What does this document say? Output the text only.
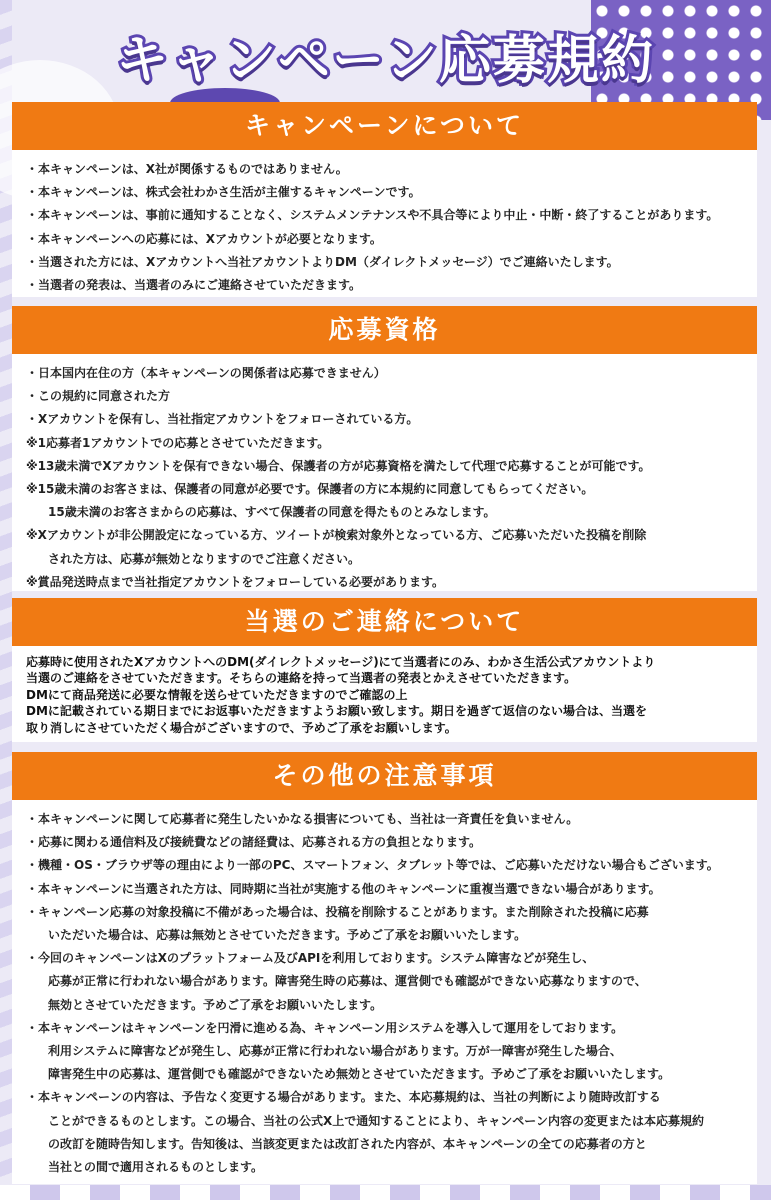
キャンペーン応募規約
キャンペーンについて
・本キャンペーンは、X社が関係するものではありません。
・本キャンペーンは、株式会社わかさ生活が主催するキャンペーンです。
・本キャンペーンは、事前に通知することなく、システムメンテナンスや不具合等により中止・中断・終了することがあります。
・本キャンペーンへの応募には、Xアカウントが必要となります。
・当選された方には、Xアカウントへ当社アカウントよりDM（ダイレクトメッセージ）でご連絡いたします。
・当選者の発表は、当選者のみにご連絡させていただきます。
応募資格
・日本国内在住の方（本キャンペーンの関係者は応募できません）
・この規約に同意された方
・Xアカウントを保有し、当社指定アカウントをフォローされている方。
※1応募者1アカウントでの応募とさせていただきます。
※13歳未満でXアカウントを保有できない場合、保護者の方が応募資格を満たして代理で応募することが可能です。
※15歳未満のお客さまは、保護者の同意が必要です。保護者の方に本規約に同意してもらってください。
15歳未満のお客さまからの応募は、すべて保護者の同意を得たものとみなします。
※Xアカウントが非公開設定になっている方、ツイートが検索対象外となっている方、ご応募いただいた投稿を削除
された方は、応募が無効となりますのでご注意ください。
※賞品発送時点まで当社指定アカウントをフォローしている必要があります。
当選のご連絡について
応募時に使用されたXアカウントへのDM(ダイレクトメッセージ)にて当選者にのみ、わかさ生活公式アカウントより
当選のご連絡をさせていただきます。そちらの連絡を持って当選者の発表とかえさせていただきます。
DMにて商品発送に必要な情報を送らせていただきますのでご確認の上
DMに記載されている期日までにお返事いただきますようお願い致します。期日を過ぎて返信のない場合は、当選を
取り消しにさせていただく場合がございますので、予めご了承をお願いします。
その他の注意事項
・本キャンペーンに関して応募者に発生したいかなる損害についても、当社は一斉責任を負いません。
・応募に関わる通信料及び接続費などの諸経費は、応募される方の負担となります。
・機種・OS・ブラウザ等の理由により一部のPC、スマートフォン、タブレット等では、ご応募いただけない場合もございます。
・本キャンペーンに当選された方は、同時期に当社が実施する他のキャンペーンに重複当選できない場合があります。
・キャンペーン応募の対象投稿に不備があった場合は、投稿を削除することがあります。また削除された投稿に応募
いただいた場合は、応募は無効とさせていただきます。予めご了承をお願いいたします。
・今回のキャンペーンはXのプラットフォーム及びAPIを利用しております。システム障害などが発生し、
応募が正常に行われない場合があります。障害発生時の応募は、運営側でも確認ができない応募なりますので、
無効とさせていただきます。予めご了承をお願いいたします。
・本キャンペーンはキャンペーンを円滑に進める為、キャンペーン用システムを導入して運用をしております。
利用システムに障害などが発生し、応募が正常に行われない場合があります。万が一障害が発生した場合、
障害発生中の応募は、運営側でも確認ができないため無効とさせていただきます。予めご了承をお願いいたします。
・本キャンペーンの内容は、予告なく変更する場合があります。また、本応募規約は、当社の判断により随時改訂する
ことができるものとします。この場合、当社の公式X上で通知することにより、キャンペーン内容の変更または本応募規約
の改訂を随時告知します。告知後は、当該変更または改訂された内容が、本キャンペーンの全ての応募者の方と
当社との間で適用されるものとします。
